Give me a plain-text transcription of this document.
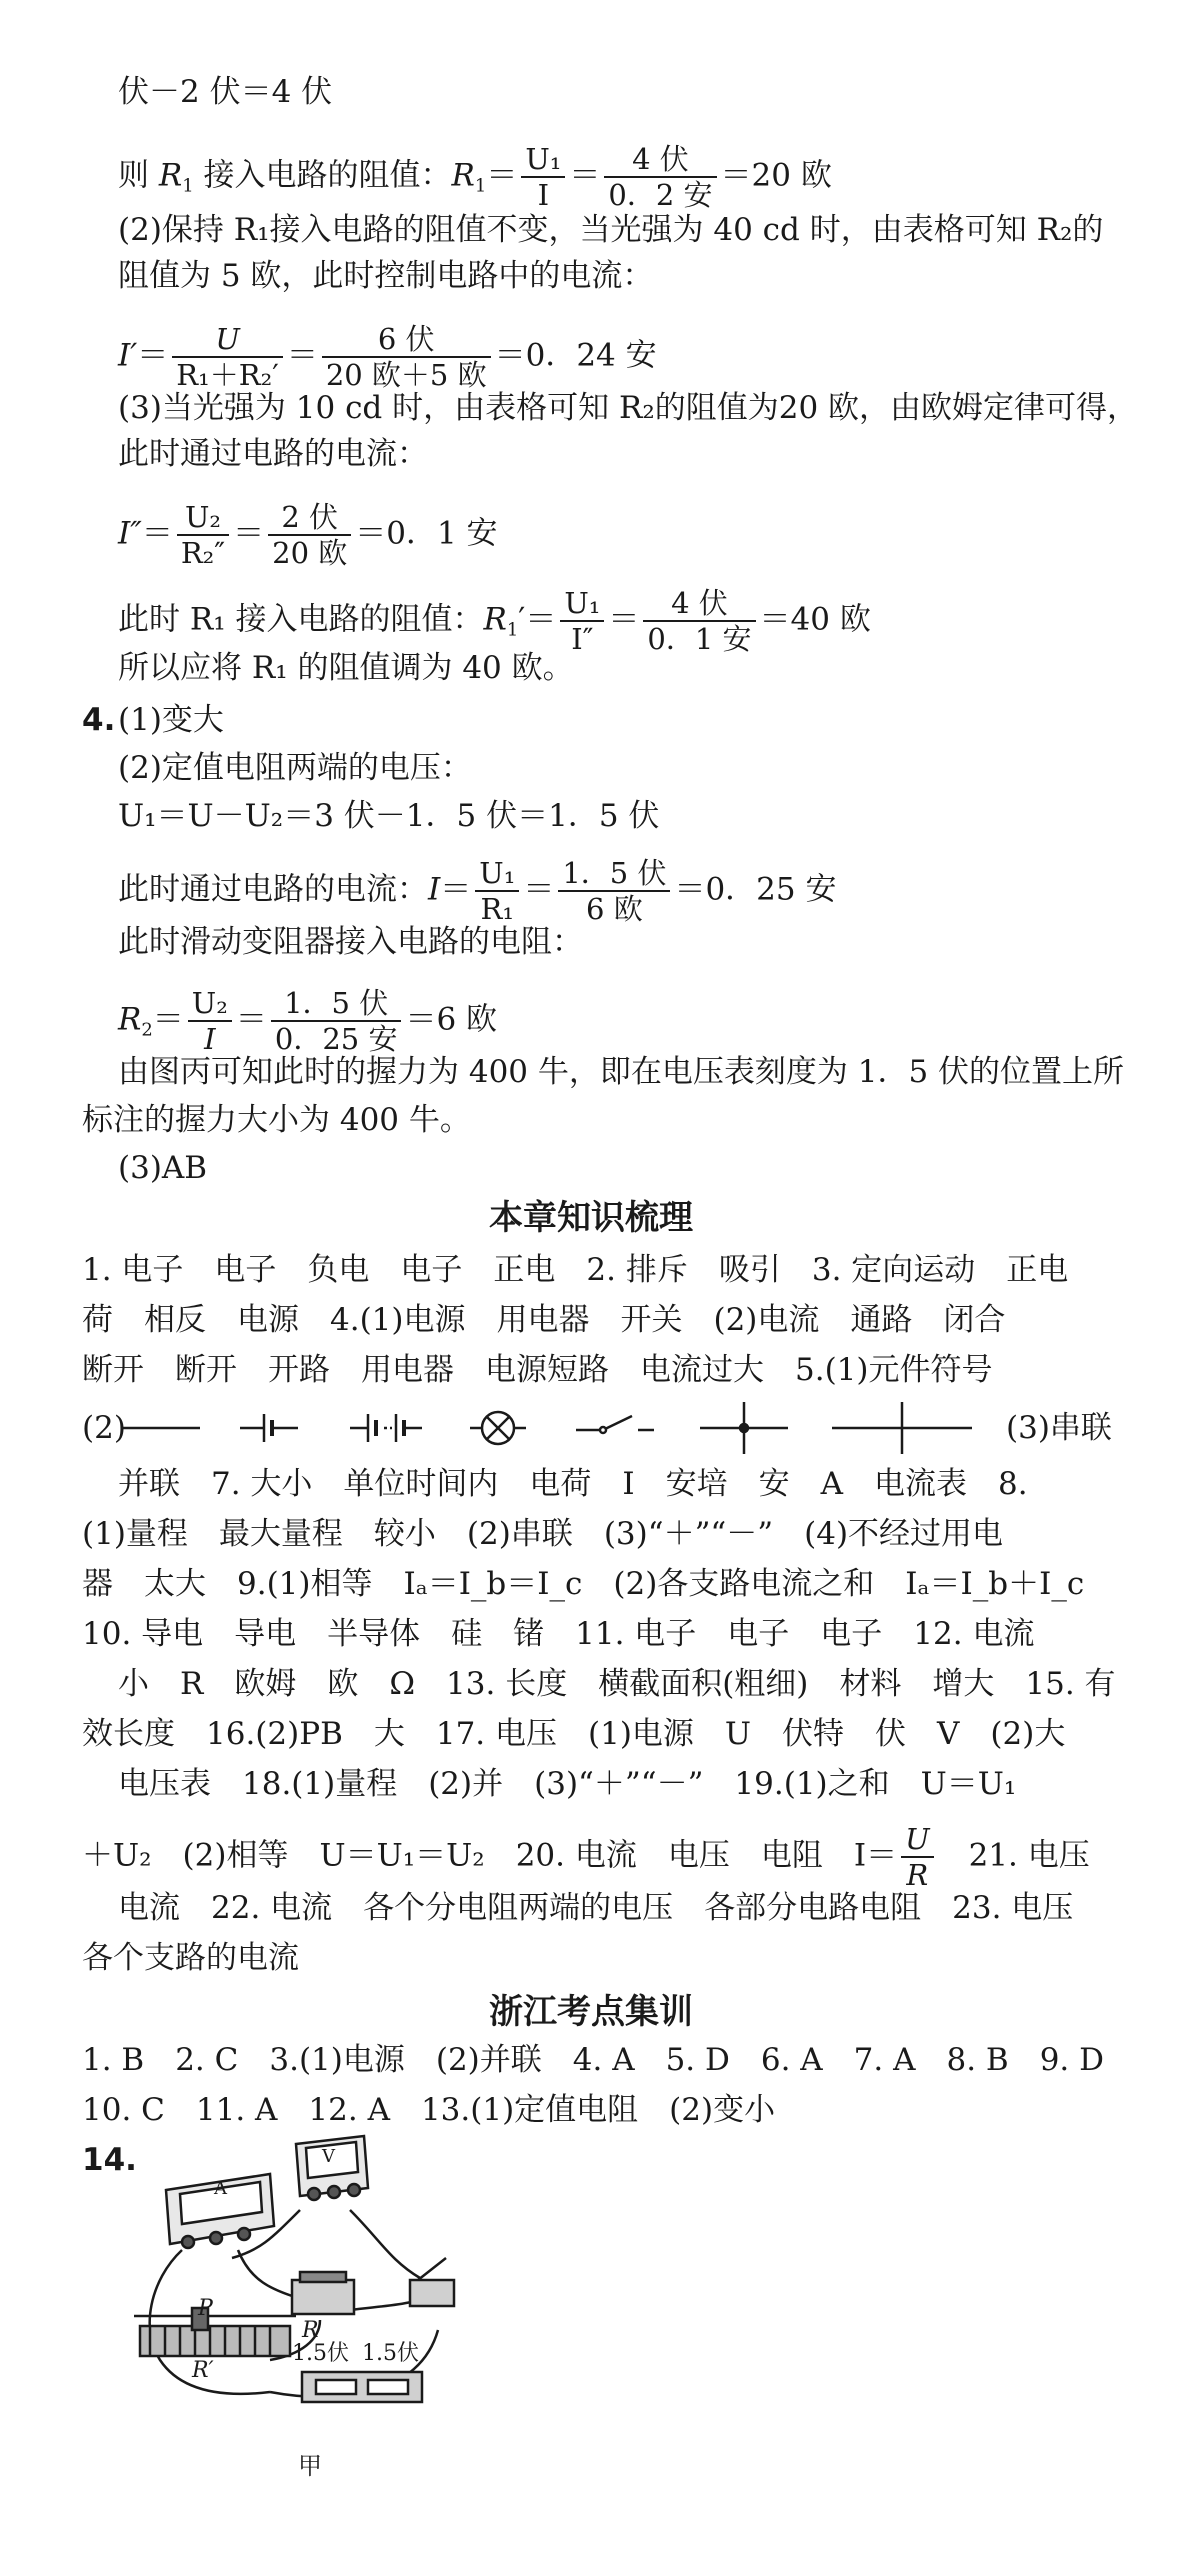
伏－2 伏＝4 伏
则 $R_1$ 接入电路的阻值：$R_1= \frac{\text{U₁}}{I} = \frac{\text{4 伏}}{\text{0．2 安}} =20$ 欧
(2)保持 R₁接入电路的阻值不变，当光强为 40 cd 时，由表格可知 R₂的
阻值为 5 欧，此时控制电路中的电流：
$I'= \frac{U}{\text{R₁＋R₂′}} = \frac{\text{6 伏}}{\text{20 欧＋5 欧}} =0$．24 安
(3)当光强为 10 cd 时，由表格可知 R₂的阻值为20 欧，由欧姆定律可得，
此时通过电路的电流：
$I''= \frac{\text{U₂}}{\text{R₂″}} = \frac{\text{2 伏}}{\text{20 欧}} =0$．1 安
此时 R₁ 接入电路的阻值：$R_1'= \frac{\text{U₁}}{I''} = \frac{\text{4 伏}}{\text{0．1 安}} =40$ 欧
所以应将 R₁ 的阻值调为 40 欧。
4. (1)变大
(2)定值电阻两端的电压：
U₁＝U－U₂＝3 伏－1．5 伏＝1．5 伏
此时通过电路的电流：$I= \frac{\text{U₁}}{\text{R₁}} = \frac{\text{1．5 伏}}{\text{6 欧}} =0$．25 安
此时滑动变阻器接入电路的电阻：
$R_2= \frac{\text{U₂}}{I} = \frac{\text{1．5 伏}}{\text{0．25 安}} =6$ 欧
由图丙可知此时的握力为 400 牛，即在电压表刻度为 1．5 伏的位置上所
标注的握力大小为 400 牛。
(3)AB
本章知识梳理
1. 电子　电子　负电　电子　正电　2. 排斥　吸引　3. 定向运动　正电
荷　相反　电源　4.(1)电源　用电器　开关　(2)电流　通路　闭合
断开　断开　开路　用电器　电源短路　电流过大　5.(1)元件符号
(2)	(3)串联
并联　7. 大小　单位时间内　电荷　I　安培　安　A　电流表　8.
(1)量程　最大量程　较小　(2)串联　(3)“＋”“－”　(4)不经过用电
器　太大　9.(1)相等　Iₐ＝I_b＝I_c　(2)各支路电流之和　Iₐ＝I_b＋I_c
10. 导电　导电　半导体　硅　锗　11. 电子　电子　电子　12. 电流
小　R　欧姆　欧　Ω　13. 长度　横截面积(粗细)　材料　增大　15. 有
效长度　16.(2)PB　大　17. 电压　(1)电源　U　伏特　伏　V　(2)大
电压表　18.(1)量程　(2)并　(3)“＋”“－”　19.(1)之和　U＝U₁
＋U₂　(2)相等　U＝U₁＝U₂　20. 电流　电压　电阻　$I= \frac{U}{R}$
　 21. 电压
电流　22. 电流　各个分电阻两端的电压　各部分电路电阻　23. 电压
各个支路的电流
浙江考点集训
1. B　2. C　3.(1)电源　(2)并联　4. A　5. D　6. A　7. A　8. B　9. D
10. C　11. A　12. A　13.(1)定值电阻　(2)变小
14.
A
V
R
P
R′
1.5伏 1.5伏
甲
